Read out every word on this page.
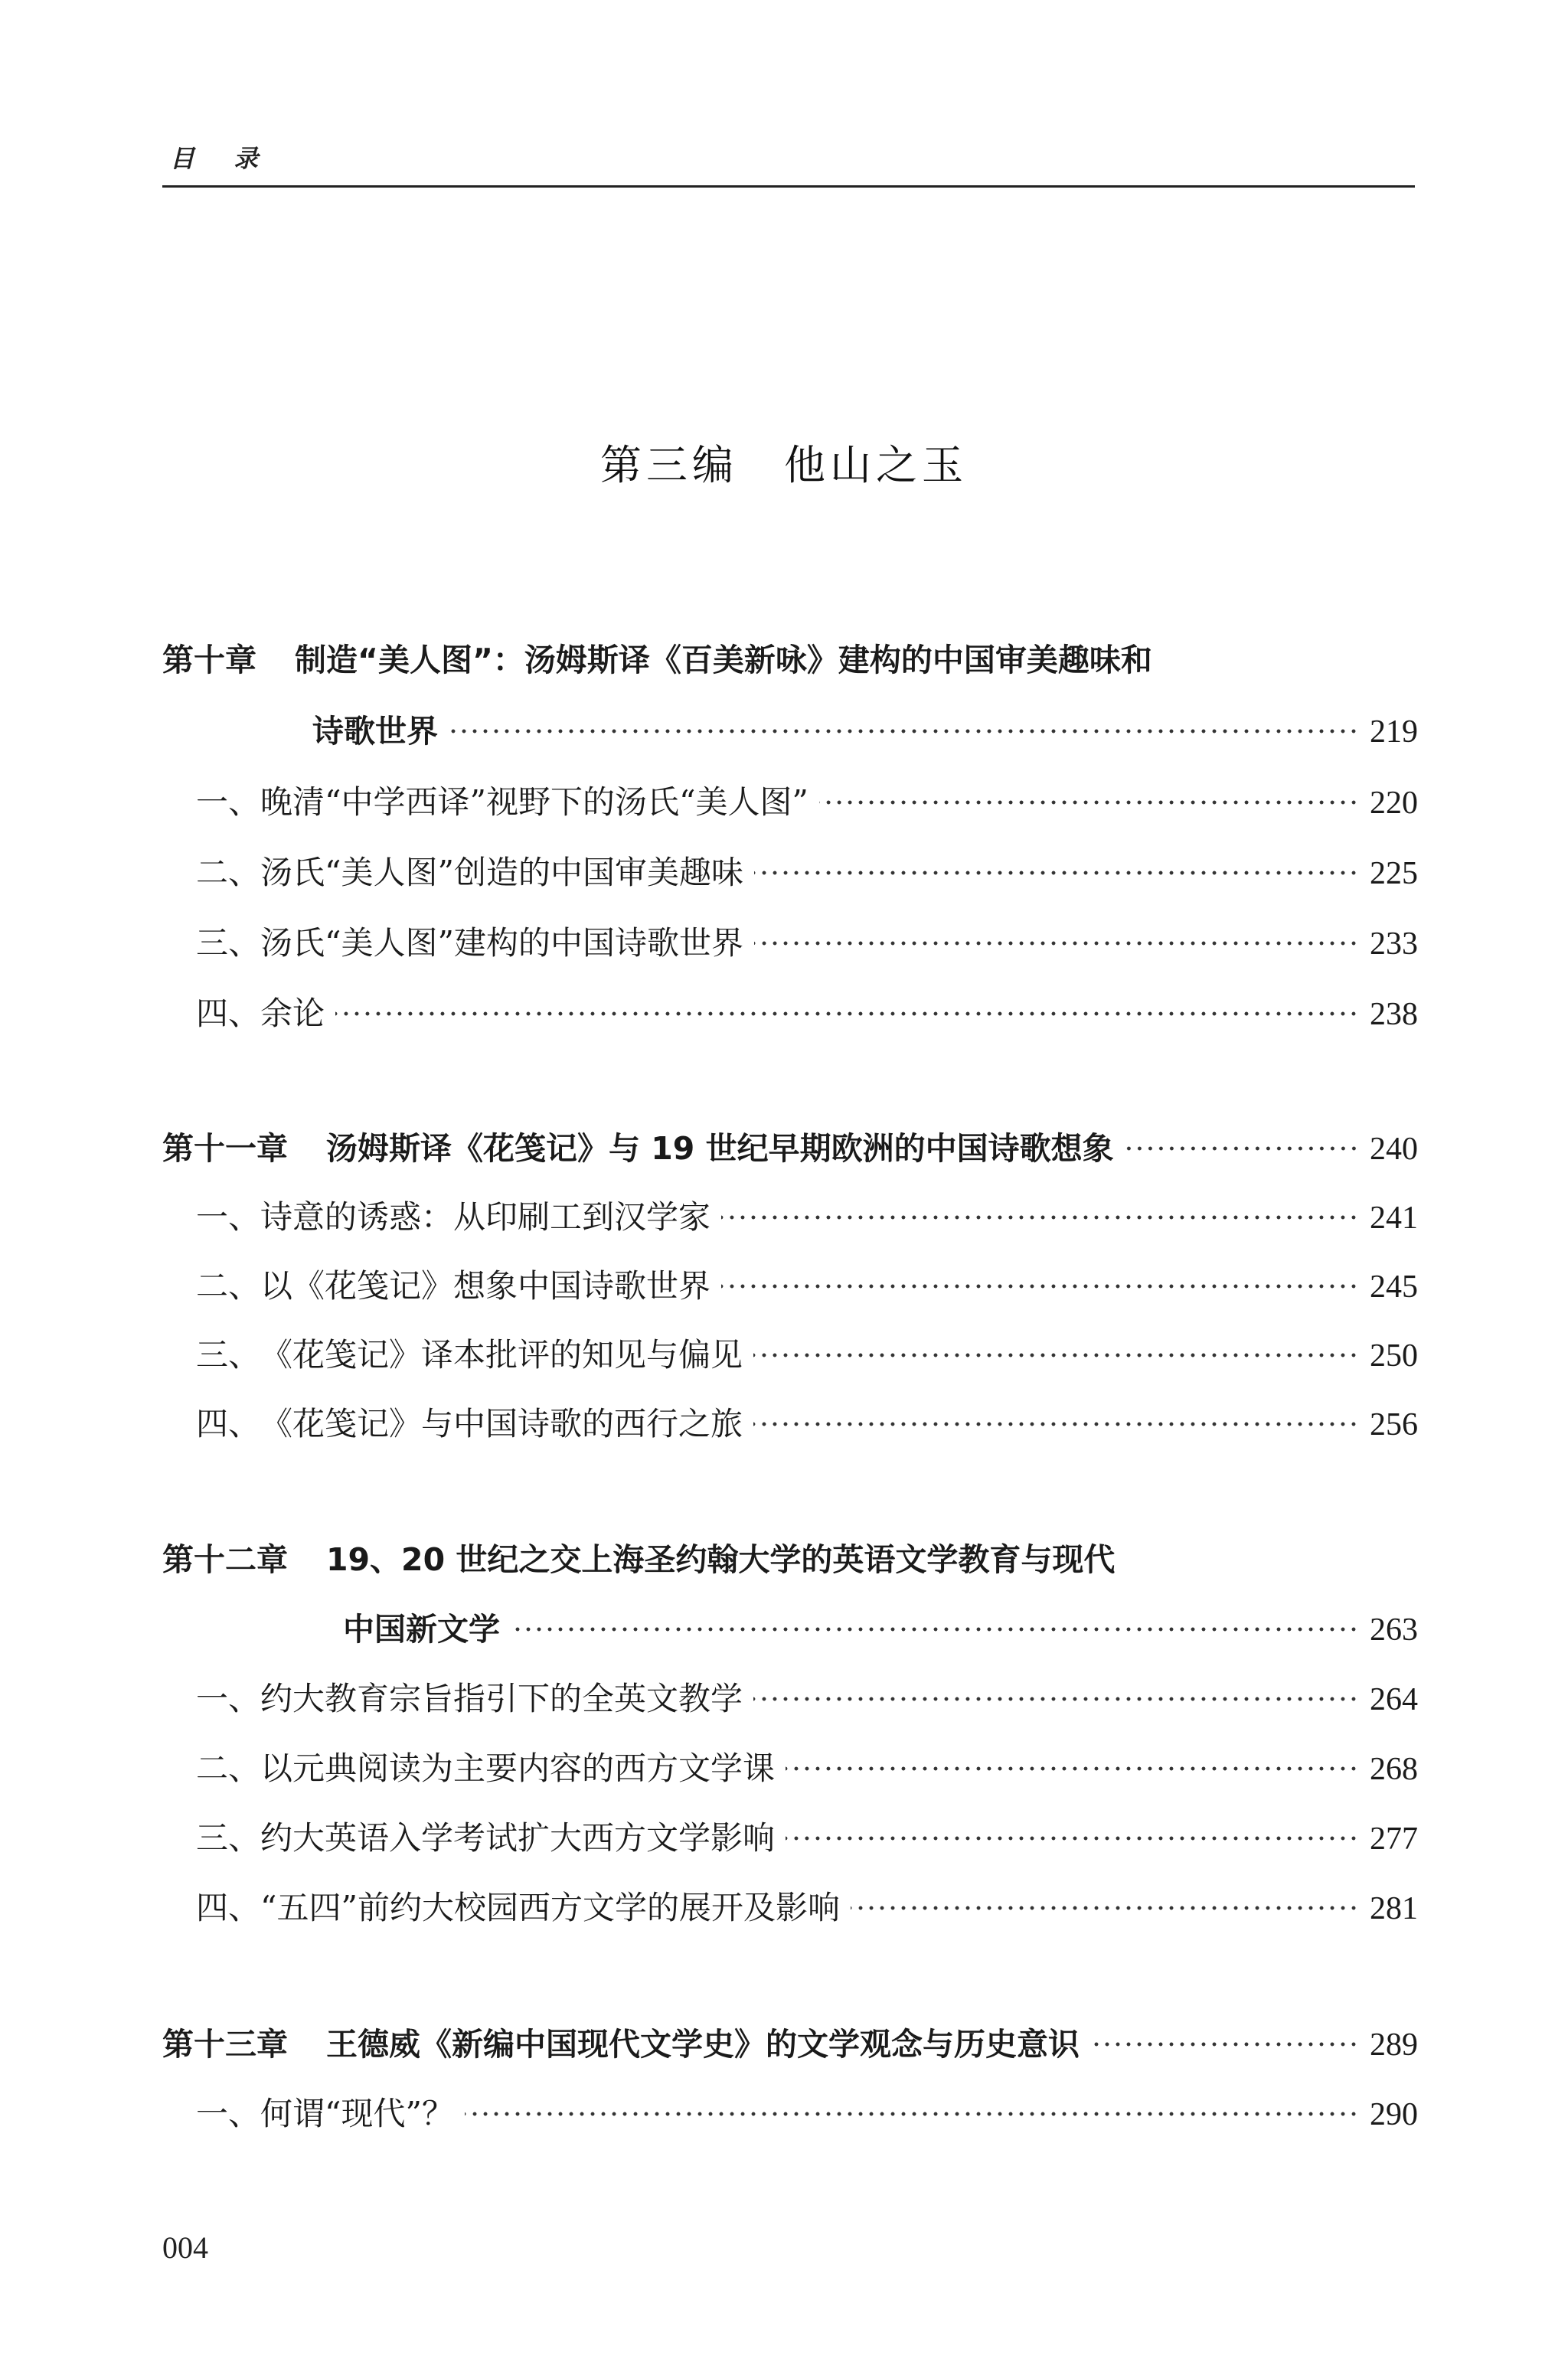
目 录
第三编 他山之玉
第十章 制造“美人图”：汤姆斯译《百美新咏》建构的中国审美趣味和
诗歌世界	219
一、 晚清“中学西译”视野下的汤氏“美人图”	220
二、 汤氏“美人图”创造的中国审美趣味	225
三、 汤氏“美人图”建构的中国诗歌世界	233
四、 余论	238
第十一章 汤姆斯译《花笺记》与 19 世纪早期欧洲的中国诗歌想象	240
一、 诗意的诱惑：从印刷工到汉学家	241
二、 以《花笺记》想象中国诗歌世界	245
三、 《花笺记》译本批评的知见与偏见	250
四、 《花笺记》与中国诗歌的西行之旅	256
第十二章 19、20 世纪之交上海圣约翰大学的英语文学教育与现代
中国新文学	263
一、 约大教育宗旨指引下的全英文教学	264
二、 以元典阅读为主要内容的西方文学课	268
三、 约大英语入学考试扩大西方文学影响	277
四、 “五四”前约大校园西方文学的展开及影响	281
第十三章 王德威《新编中国现代文学史》的文学观念与历史意识	289
一、 何谓“现代”？	290
004
